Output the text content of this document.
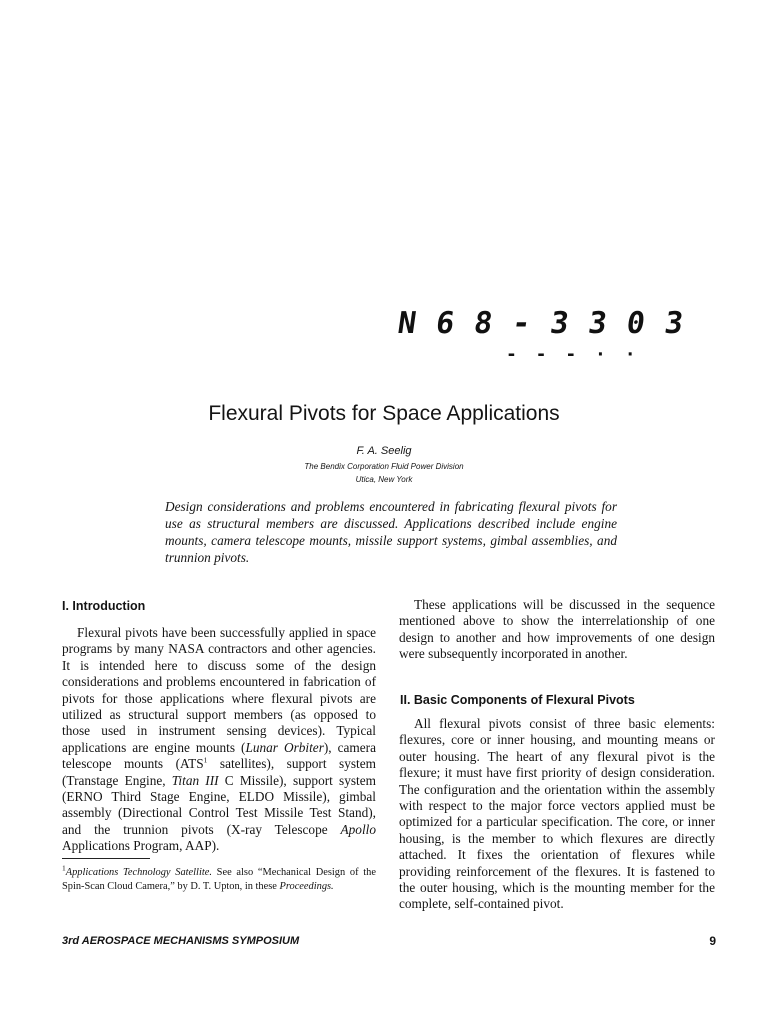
N 6 8 - 3 3 0 3
- - - · ·
Flexural Pivots for Space Applications
F. A. Seelig
The Bendix Corporation Fluid Power Division
Utica, New York
Design considerations and problems encountered in fabricating flexural pivots for use as structural members are discussed. Applications described include engine mounts, camera telescope mounts, missile support systems, gimbal assemblies, and trunnion pivots.
I. Introduction

Flexural pivots have been successfully applied in space programs by many NASA contractors and other agencies. It is intended here to discuss some of the design considerations and problems encountered in fabrication of pivots for those applications where flexural pivots are utilized as structural support members (as opposed to those used in instrument sensing devices). Typical applications are engine mounts (Lunar Orbiter), camera telescope mounts (ATS$^1$ satellites), support system (Transtage Engine, Titan III C Missile), support system (ERNO Third Stage Engine, ELDO Missile), gimbal assembly (Directional Control Test Missile Test Stand), and the trunnion pivots (X-ray Telescope Apollo Applications Program, AAP).

$^1$Applications Technology Satellite. See also “Mechanical Design of the Spin-Scan Cloud Camera,” by D. T. Upton, in these Proceedings.

These applications will be discussed in the sequence mentioned above to show the interrelationship of one design to another and how improvements of one design were subsequently incorporated in another.

II. Basic Components of Flexural Pivots

All flexural pivots consist of three basic elements: flexures, core or inner housing, and mounting means or outer housing. The heart of any flexural pivot is the flexure; it must have first priority of design consideration. The configuration and the orientation within the assembly with respect to the major force vectors applied must be optimized for a particular specification. The core, or inner housing, is the member to which flexures are directly attached. It fixes the orientation of flexures while providing reinforcement of the flexures. It is fastened to the outer housing, which is the mounting member for the complete, self-contained pivot.

3rd AEROSPACE MECHANISMS SYMPOSIUM	9
